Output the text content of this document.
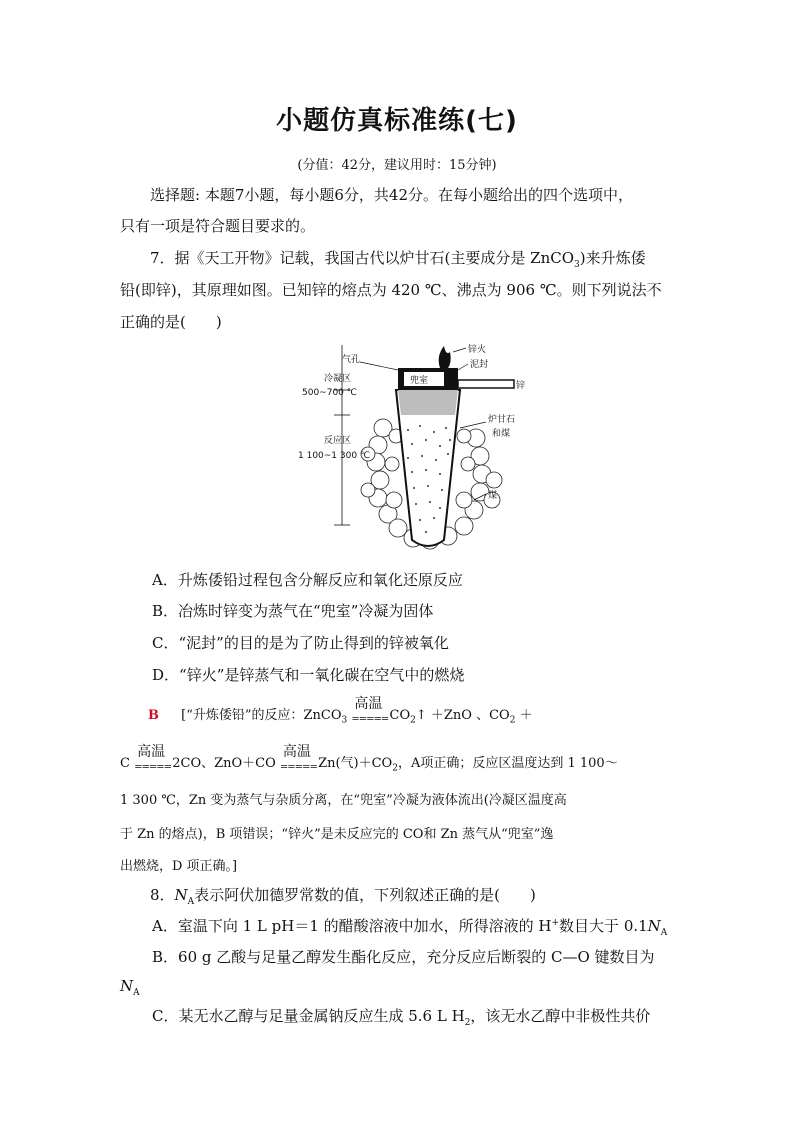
小题仿真标准练(七)
(分值：42分，建议用时：15分钟)
选择题: 本题7小题，每小题6分，共42分。在每小题给出的四个选项中，
只有一项是符合题目要求的。
7．据《天工开物》记载，我国古代以炉甘石(主要成分是 ZnCO$_3$)来升炼倭
铅(即锌)，其原理如图。已知锌的熔点为 420 ℃、沸点为 906 ℃。则下列说法不
正确的是(　　)
兜室
气孔
锌火
泥封
锌
冷凝区
500~700 ℃
反应区
1 100~1 300 ℃
炉甘石
和煤
煤
A．升炼倭铅过程包含分解反应和氧化还原反应
B．冶炼时锌变为蒸气在“兜室”冷凝为固体
C．“泥封”的目的是为了防止得到的锌被氧化
D．“锌火”是锌蒸气和一氧化碳在空气中的燃烧
B [“升炼倭铅”的反应：ZnCO$_3$
高温
===== $CO_2↑ +ZnO$ 、$CO_2$ ＋
C
高温
===== 2CO、ZnO＋CO
高温
===== Zn(气)$+CO_2$，A项正确；反应区温度达到 1 100～
1 300 ℃，Zn 变为蒸气与杂质分离，在“兜室”冷凝为液体流出(冷凝区温度高
于 Zn 的熔点)，B 项错误；“锌火”是未反应完的 CO和 Zn 蒸气从“兜室”逸
出燃烧，D 项正确。]
8．$N_A$表示阿伏加德罗常数的值，下列叙述正确的是(　　)
A．室温下向 1 L pH＝1 的醋酸溶液中加水，所得溶液的 H+数目大于 $0.1N_A$
B．60 g 乙酸与足量乙醇发生酯化反应，充分反应后断裂的 C—O 键数目为
$N_A$
C．某无水乙醇与足量金属钠反应生成 5.6 L $H_2$，该无水乙醇中非极性共价
